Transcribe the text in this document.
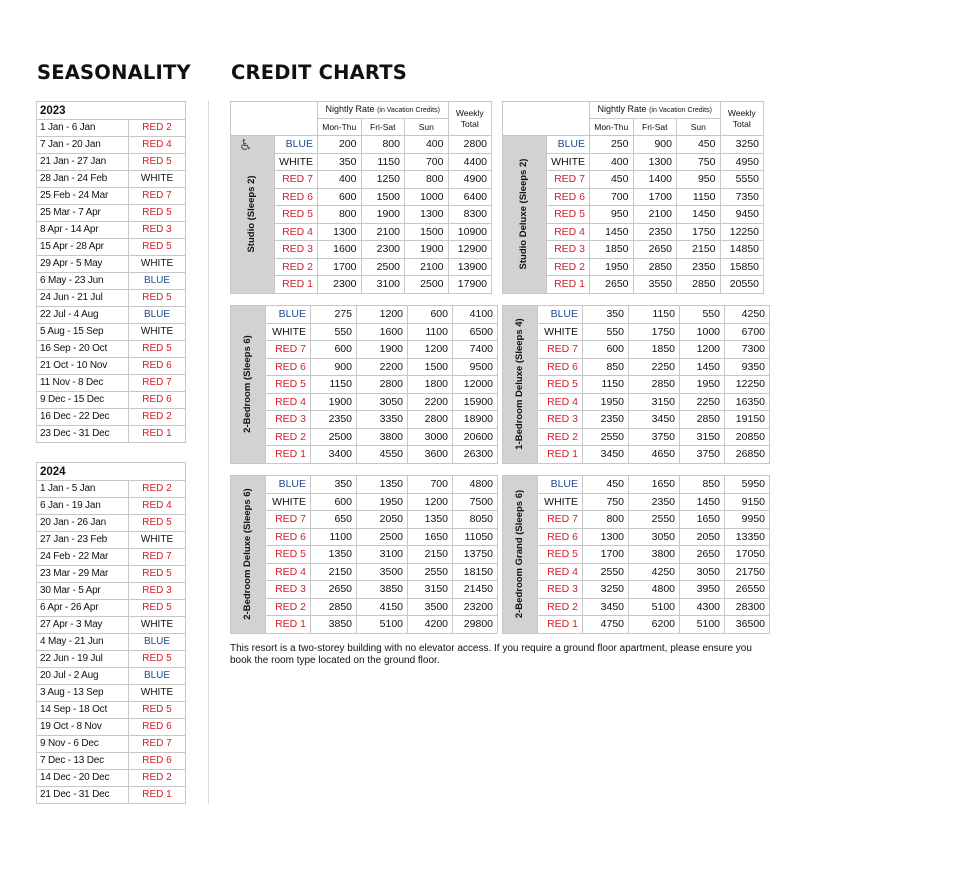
SEASONALITY CREDIT CHARTS
2023	
1 Jan - 6 Jan	RED 2
7 Jan - 20 Jan	RED 4
21 Jan - 27 Jan	RED 5
28 Jan - 24 Feb	WHITE
25 Feb - 24 Mar	RED 7
25 Mar - 7 Apr	RED 5
8 Apr - 14 Apr	RED 3
15 Apr - 28 Apr	RED 5
29 Apr - 5 May	WHITE
6 May - 23 Jun	BLUE
24 Jun - 21 Jul	RED 5
22 Jul - 4 Aug	BLUE
5 Aug - 15 Sep	WHITE
16 Sep - 20 Oct	RED 5
21 Oct - 10 Nov	RED 6
11 Nov - 8 Dec	RED 7
9 Dec - 15 Dec	RED 6
16 Dec - 22 Dec	RED 2
23 Dec - 31 Dec	RED 1
2024	
1 Jan - 5 Jan	RED 2
6 Jan - 19 Jan	RED 4
20 Jan - 26 Jan	RED 5
27 Jan - 23 Feb	WHITE
24 Feb - 22 Mar	RED 7
23 Mar - 29 Mar	RED 5
30 Mar - 5 Apr	RED 3
6 Apr - 26 Apr	RED 5
27 Apr - 3 May	WHITE
4 May - 21 Jun	BLUE
22 Jun - 19 Jul	RED 5
20 Jul - 2 Aug	BLUE
3 Aug - 13 Sep	WHITE
14 Sep - 18 Oct	RED 5
19 Oct - 8 Nov	RED 6
9 Nov - 6 Dec	RED 7
7 Dec - 13 Dec	RED 6
14 Dec - 20 Dec	RED 2
21 Dec - 31 Dec	RED 1
		Nightly Rate (in Vacation Credits)			Weekly
Total

		Mon-Thu	Fri-Sat	Sun	

♿
Studio (Sleeps 2)	BLUE	200	800	400	2800
	WHITE	350	1150	700	4400
	RED 7	400	1250	800	4900
	RED 6	600	1500	1000	6400
	RED 5	800	1900	1300	8300
	RED 4	1300	2100	1500	10900
	RED 3	1600	2300	1900	12900
	RED 2	1700	2500	2100	13900
	RED 1	2300	3100	2500	17900
		Nightly Rate (in Vacation Credits)			Weekly
Total

		Mon-Thu	Fri-Sat	Sun	

Studio Deluxe (Sleeps 2)	BLUE	250	900	450	3250
	WHITE	400	1300	750	4950
	RED 7	450	1400	950	5550
	RED 6	700	1700	1150	7350
	RED 5	950	2100	1450	9450
	RED 4	1450	2350	1750	12250
	RED 3	1850	2650	2150	14850
	RED 2	1950	2850	2350	15850
	RED 1	2650	3550	2850	20550
2-Bedroom (Sleeps 6)	BLUE	275	1200	600	4100
	WHITE	550	1600	1100	6500
	RED 7	600	1900	1200	7400
	RED 6	900	2200	1500	9500
	RED 5	1150	2800	1800	12000
	RED 4	1900	3050	2200	15900
	RED 3	2350	3350	2800	18900
	RED 2	2500	3800	3000	20600
	RED 1	3400	4550	3600	26300
1-Bedroom Deluxe (Sleeps 4)	BLUE	350	1150	550	4250
	WHITE	550	1750	1000	6700
	RED 7	600	1850	1200	7300
	RED 6	850	2250	1450	9350
	RED 5	1150	2850	1950	12250
	RED 4	1950	3150	2250	16350
	RED 3	2350	3450	2850	19150
	RED 2	2550	3750	3150	20850
	RED 1	3450	4650	3750	26850
2-Bedroom Deluxe (Sleeps 6)	BLUE	350	1350	700	4800
	WHITE	600	1950	1200	7500
	RED 7	650	2050	1350	8050
	RED 6	1100	2500	1650	11050
	RED 5	1350	3100	2150	13750
	RED 4	2150	3500	2550	18150
	RED 3	2650	3850	3150	21450
	RED 2	2850	4150	3500	23200
	RED 1	3850	5100	4200	29800
2-Bedroom Grand (Sleeps 6)	BLUE	450	1650	850	5950
	WHITE	750	2350	1450	9150
	RED 7	800	2550	1650	9950
	RED 6	1300	3050	2050	13350
	RED 5	1700	3800	2650	17050
	RED 4	2550	4250	3050	21750
	RED 3	3250	4800	3950	26550
	RED 2	3450	5100	4300	28300
	RED 1	4750	6200	5100	36500
This resort is a two-storey building with no elevator access. If you require a ground floor apartment, please ensure you book the room type located on the ground floor.
